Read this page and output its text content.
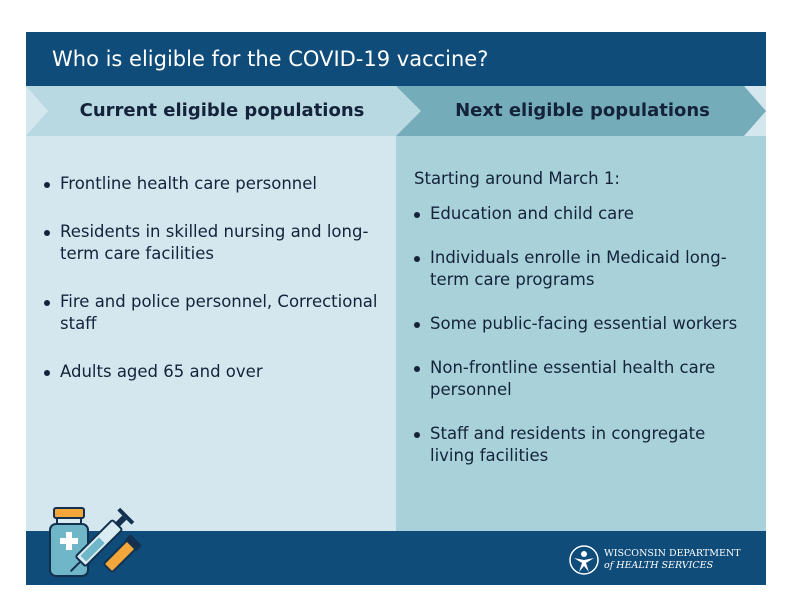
Who is eligible for the COVID-19 vaccine?
Current eligible populations	Next eligible populations
Frontline health care personnel
Residents in skilled nursing and long-term care facilities
Fire and police personnel, Correctional staff
Adults aged 65 and over
Starting around March 1:
Education and child care
Individuals enrolle in Medicaid long-term care programs
Some public-facing essential workers
Non-frontline essential health care personnel
Staff and residents in congregate living facilities
WISCONSIN DEPARTMENT
of HEALTH SERVICES
